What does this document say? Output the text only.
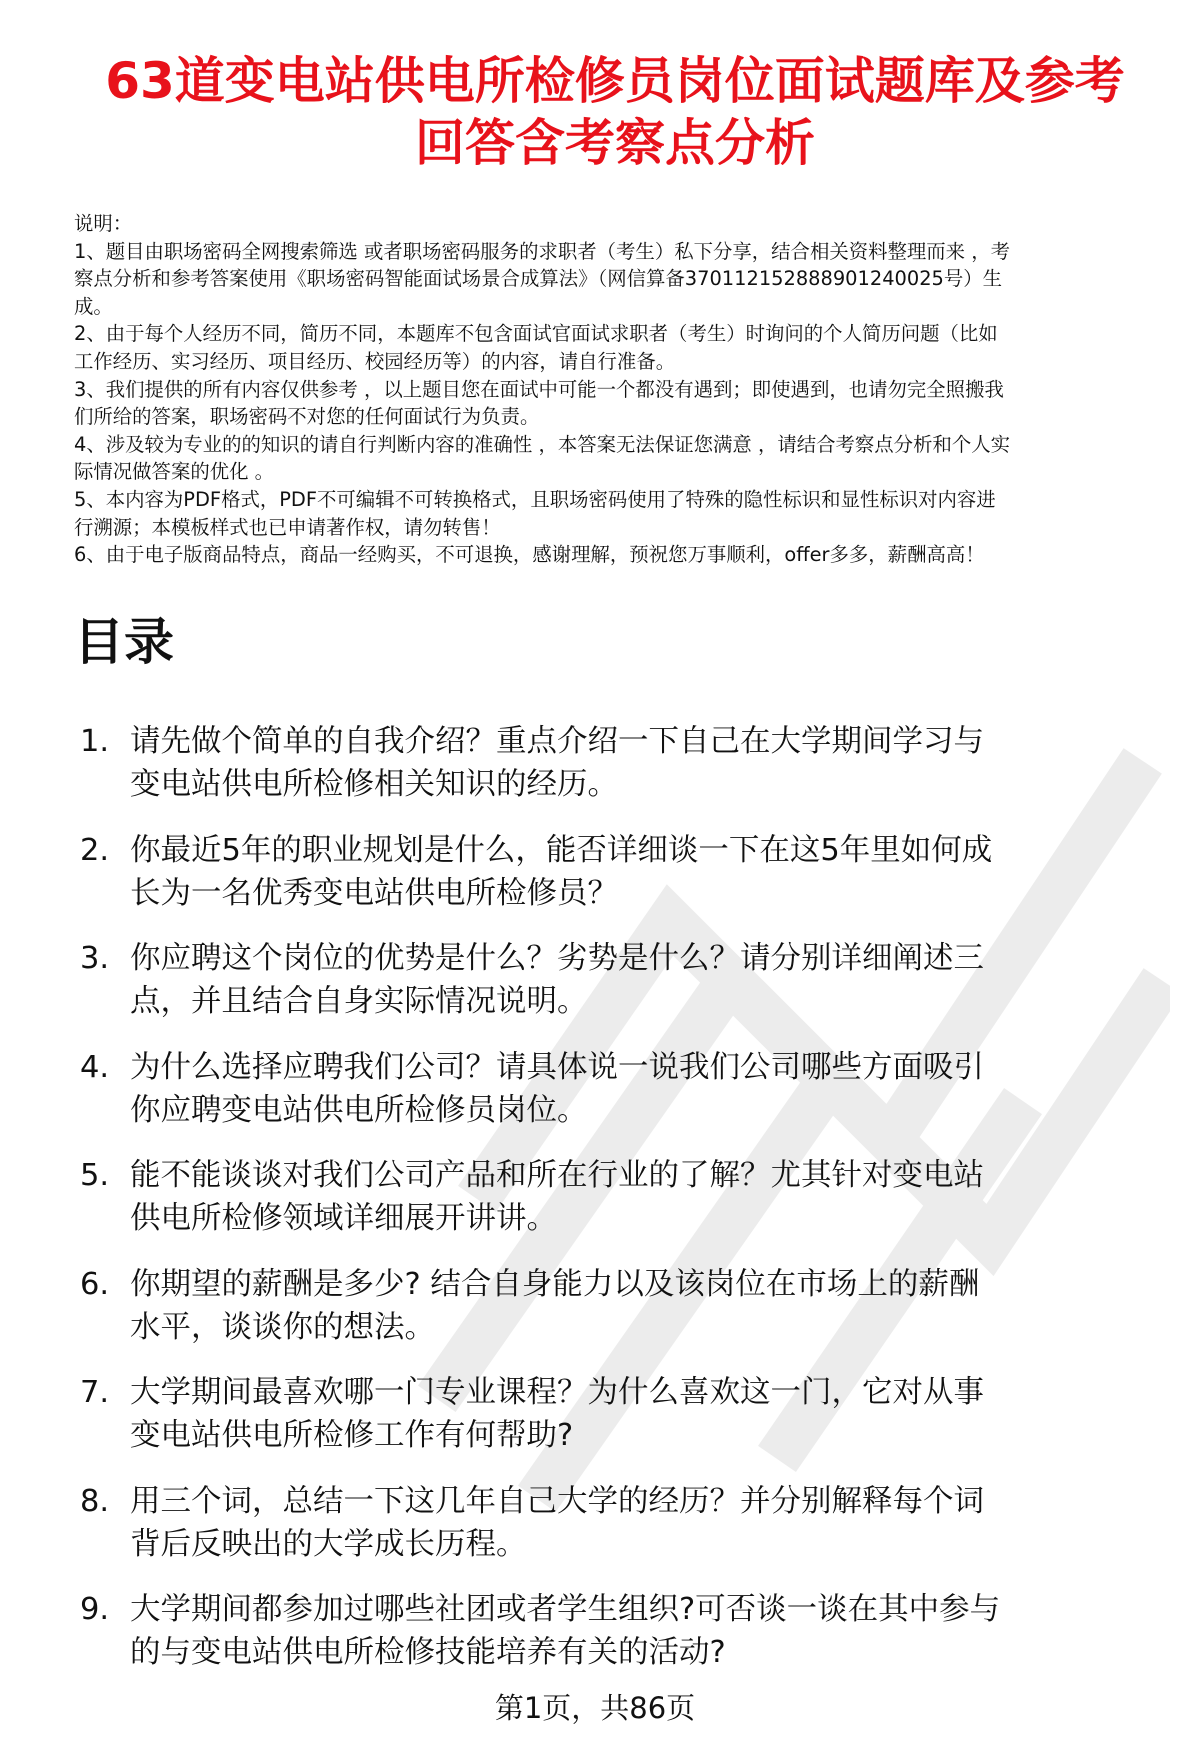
63道变电站供电所检修员岗位面试题库及参考
回答含考察点分析
说明：
1、题目由职场密码全网搜索筛选 或者职场密码服务的求职者（考生）私下分享，结合相关资料整理而来 ，考
察点分析和参考答案使用《职场密码智能面试场景合成算法》（网信算备370112152888901240025号）生
成。
2、由于每个人经历不同，简历不同，本题库不包含面试官面试求职者（考生）时询问的个人简历问题（比如
工作经历、实习经历、项目经历、校园经历等）的内容，请自行准备。
3、我们提供的所有内容仅供参考 ，以上题目您在面试中可能一个都没有遇到；即使遇到，也请勿完全照搬我
们所给的答案，职场密码不对您的任何面试行为负责。
4、涉及较为专业的的知识的请自行判断内容的准确性 ，本答案无法保证您满意 ，请结合考察点分析和个人实
际情况做答案的优化 。
5、本内容为PDF格式，PDF不可编辑不可转换格式，且职场密码使用了特殊的隐性标识和显性标识对内容进
行溯源；本模板样式也已申请著作权，请勿转售！
6、由于电子版商品特点，商品一经购买，不可退换，感谢理解，预祝您万事顺利，offer多多，薪酬高高！
目录
1. 请先做个简单的自我介绍？重点介绍一下自己在大学期间学习与
变电站供电所检修相关知识的经历。
2. 你最近5年的职业规划是什么，能否详细谈一下在这5年里如何成
长为一名优秀变电站供电所检修员？
3. 你应聘这个岗位的优势是什么？劣势是什么？请分别详细阐述三
点，并且结合自身实际情况说明。
4. 为什么选择应聘我们公司？请具体说一说我们公司哪些方面吸引
你应聘变电站供电所检修员岗位。
5. 能不能谈谈对我们公司产品和所在行业的了解？尤其针对变电站
供电所检修领域详细展开讲讲。
6. 你期望的薪酬是多少? 结合自身能力以及该岗位在市场上的薪酬
水平，谈谈你的想法。
7. 大学期间最喜欢哪一门专业课程？为什么喜欢这一门，它对从事
变电站供电所检修工作有何帮助?
8. 用三个词，总结一下这几年自己大学的经历？并分别解释每个词
背后反映出的大学成长历程。
9. 大学期间都参加过哪些社团或者学生组织?可否谈一谈在其中参与
的与变电站供电所检修技能培养有关的活动?
第1页，共86页
